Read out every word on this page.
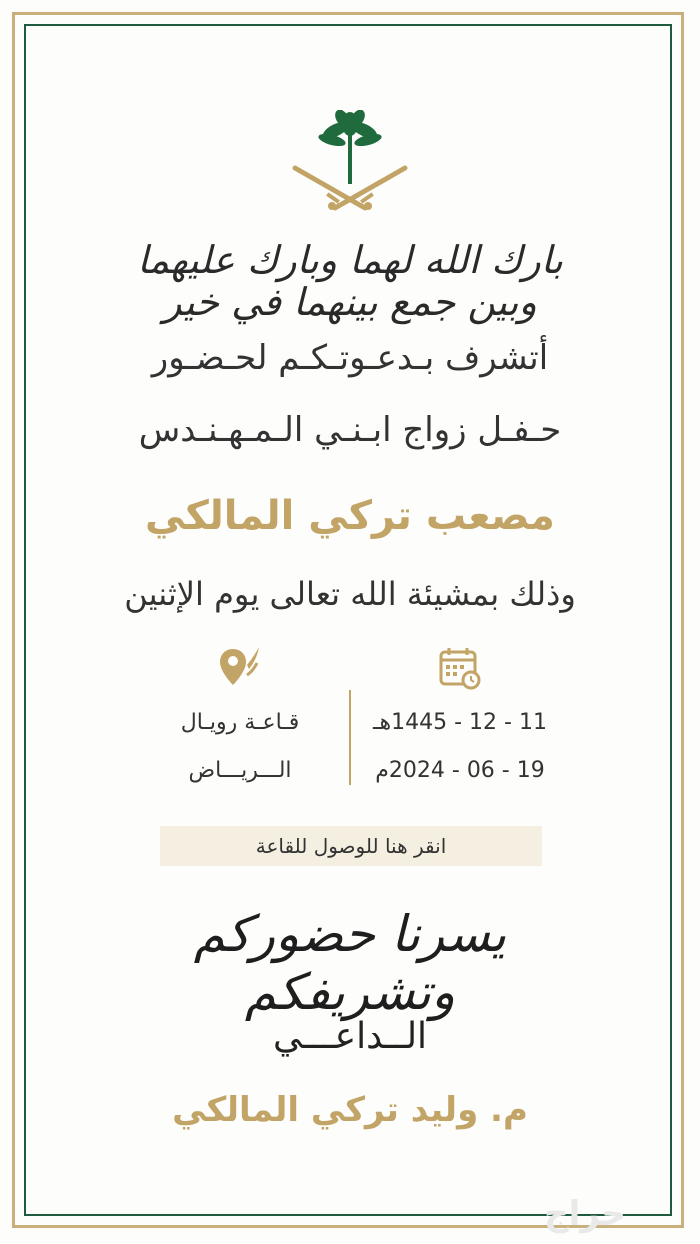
بارك الله لهما وبارك عليهما وبين جمع بينهما في خير
أتشرف بـدعـوتـكـم لحـضـور
حـفـل زواج ابـنـي الـمـهـنـدس
مصعب تركي المالكي
وذلك بمشيئة الله تعالى يوم الإثنين
11 - 12 - 1445هـ
19 - 06 - 2024م
قـاعـة رويـال
الـــريـــاض
انقر هنا للوصول للقاعة
يسرنا حضوركم وتشريفكم
الــداعـــي
م. وليد تركي المالكي
حراج
